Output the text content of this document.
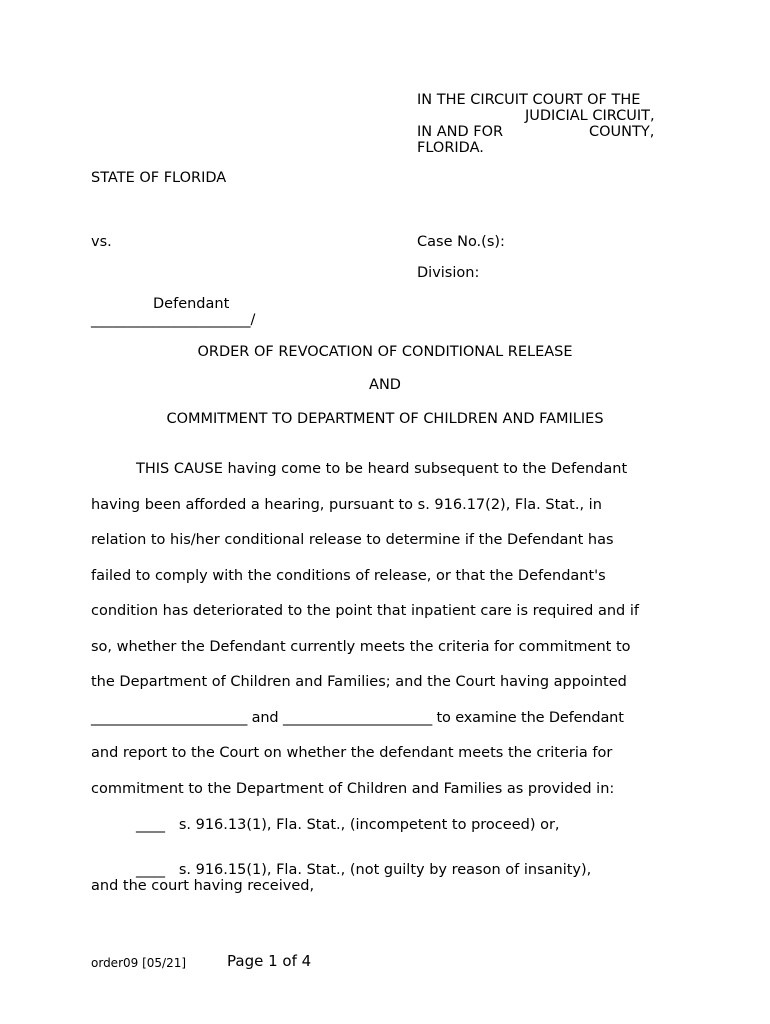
IN THE CIRCUIT COURT OF THE
JUDICIAL CIRCUIT,
IN AND FOR	COUNTY,
FLORIDA.
STATE OF FLORIDA
vs.	Case No.(s):
Division:
Defendant
______________________/
ORDER OF REVOCATION OF CONDITIONAL RELEASE
AND
COMMITMENT TO DEPARTMENT OF CHILDREN AND FAMILIES
THIS CAUSE having come to be heard subsequent to the Defendant
having been afforded a hearing, pursuant to s. 916.17(2), Fla. Stat., in
relation to his/her conditional release to determine if the Defendant has
failed to comply with the conditions of release, or that the Defendant's
condition has deteriorated to the point that inpatient care is required and if
so, whether the Defendant currently meets the criteria for commitment to
the Department of Children and Families; and the Court having appointed
______________________ and _____________________ to examine the Defendant
and report to the Court on whether the defendant meets the criteria for
commitment to the Department of Children and Families as provided in:
____   s. 916.13(1), Fla. Stat., (incompetent to proceed) or,
____   s. 916.15(1), Fla. Stat., (not guilty by reason of insanity),
and the court having received,
order09 [05/21]	Page 1 of 4
